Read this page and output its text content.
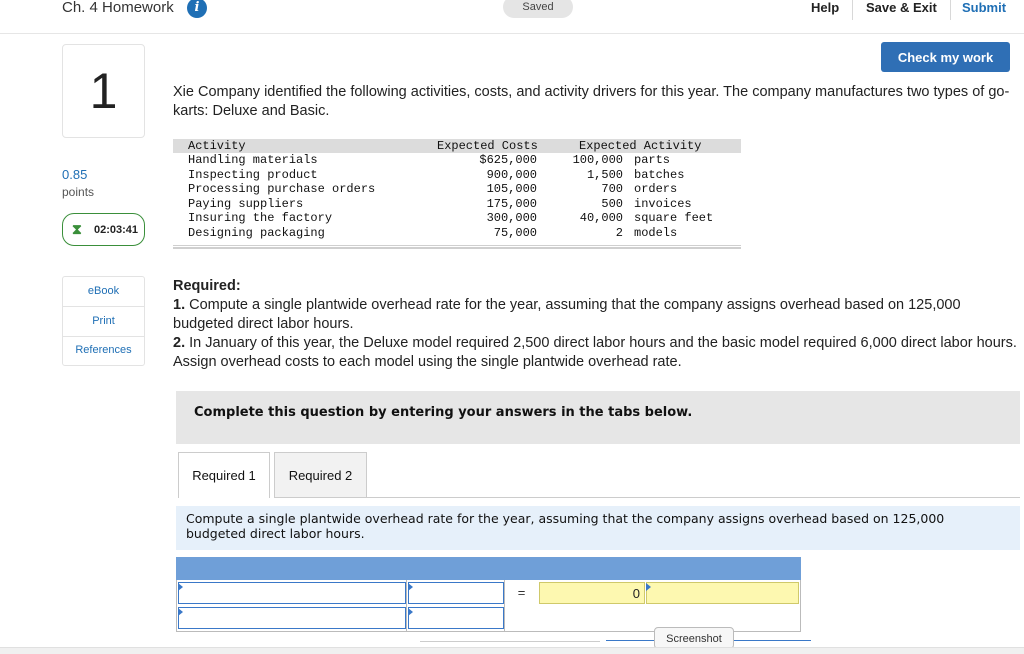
Ch. 4 Homework	i	Saved	Help Save & Exit Submit
1
0.85
points
⧗ 02:03:41
eBook
Print
References
Check my work
Xie Company identified the following activities, costs, and activity drivers for this year. The company manufactures two types of go-karts: Deluxe and Basic.
Activity	Expected Costs	Expected Activity
Handling materials	$625,000	100,000 parts
Inspecting product	900,000	1,500 batches
Processing purchase orders	105,000	700 orders
Paying suppliers	175,000	500 invoices
Insuring the factory	300,000	40,000 square feet
Designing packaging	75,000	2 models
Required:
1. Compute a single plantwide overhead rate for the year, assuming that the company assigns overhead based on 125,000 budgeted direct labor hours.
2. In January of this year, the Deluxe model required 2,500 direct labor hours and the basic model required 6,000 direct labor hours. Assign overhead costs to each model using the single plantwide overhead rate.
Complete this question by entering your answers in the tabs below.
Required 1	Required 2
Compute a single plantwide overhead rate for the year, assuming that the company assigns overhead based on 125,000 budgeted direct labor hours.
=	0
Screenshot
